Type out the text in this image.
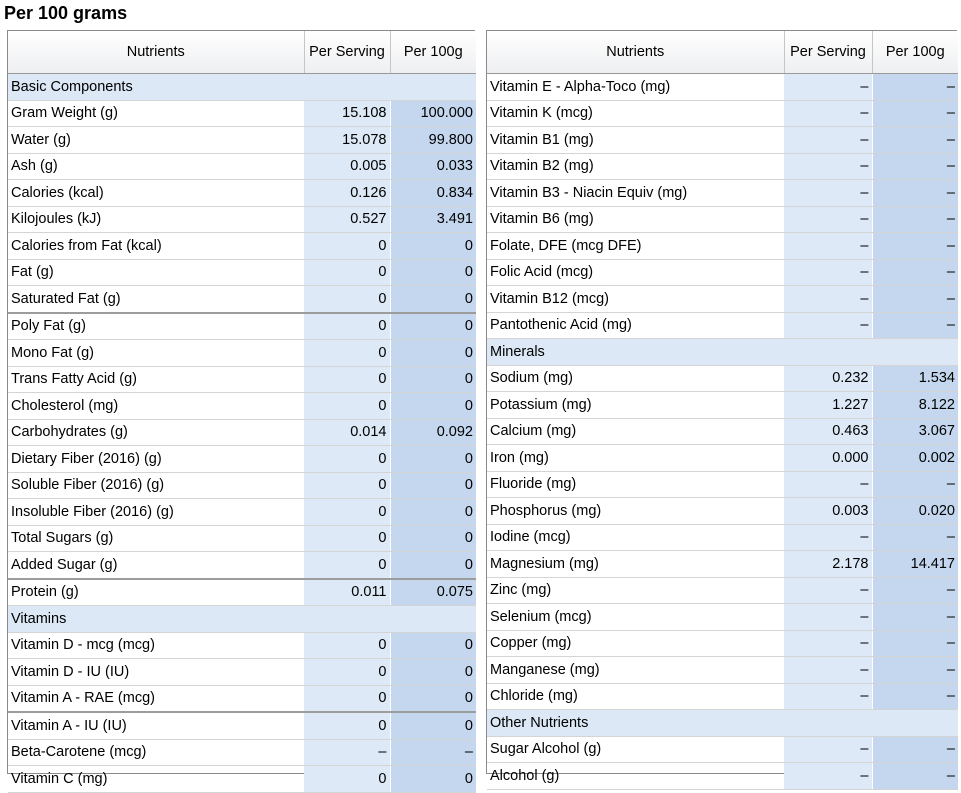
Per 100 grams
Nutrients	Per Serving	Per 100g
Basic Components		
Gram Weight (g)	15.108	100.000
Water (g)	15.078	99.800
Ash (g)	0.005	0.033
Calories (kcal)	0.126	0.834
Kilojoules (kJ)	0.527	3.491
Calories from Fat (kcal)	0	0
Fat (g)	0	0
Saturated Fat (g)	0	0
Poly Fat (g)	0	0
Mono Fat (g)	0	0
Trans Fatty Acid (g)	0	0
Cholesterol (mg)	0	0
Carbohydrates (g)	0.014	0.092
Dietary Fiber (2016) (g)	0	0
Soluble Fiber (2016) (g)	0	0
Insoluble Fiber (2016) (g)	0	0
Total Sugars (g)	0	0
Added Sugar (g)	0	0
Protein (g)	0.011	0.075
Vitamins		
Vitamin D - mcg (mcg)	0	0
Vitamin D - IU (IU)	0	0
Vitamin A - RAE (mcg)	0	0
Vitamin A - IU (IU)	0	0
Beta-Carotene (mcg)	–	–
Vitamin C (mg)	0	0
Nutrients	Per Serving	Per 100g
Vitamin E - Alpha-Toco (mg)	–	–
Vitamin K (mcg)	–	–
Vitamin B1 (mg)	–	–
Vitamin B2 (mg)	–	–
Vitamin B3 - Niacin Equiv (mg)	–	–
Vitamin B6 (mg)	–	–
Folate, DFE (mcg DFE)	–	–
Folic Acid (mcg)	–	–
Vitamin B12 (mcg)	–	–
Pantothenic Acid (mg)	–	–
Minerals		
Sodium (mg)	0.232	1.534
Potassium (mg)	1.227	8.122
Calcium (mg)	0.463	3.067
Iron (mg)	0.000	0.002
Fluoride (mg)	–	–
Phosphorus (mg)	0.003	0.020
Iodine (mcg)	–	–
Magnesium (mg)	2.178	14.417
Zinc (mg)	–	–
Selenium (mcg)	–	–
Copper (mg)	–	–
Manganese (mg)	–	–
Chloride (mg)	–	–
Other Nutrients		
Sugar Alcohol (g)	–	–
Alcohol (g)	–	–
